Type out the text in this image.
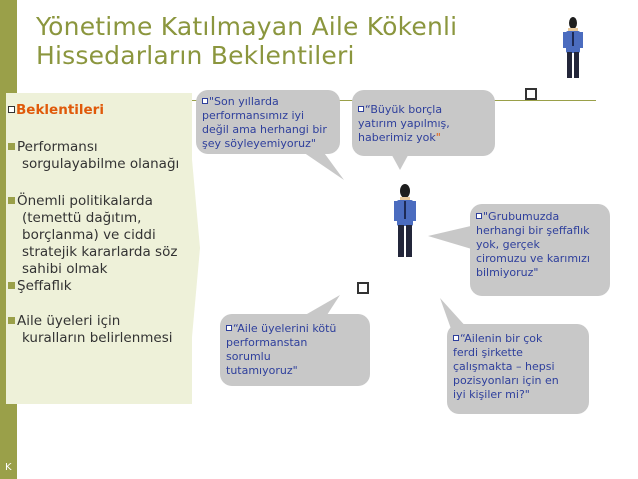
K
Yönetime Katılmayan Aile Kökenli
Hissedarların Beklentileri
Beklentileri
Performansı
sorgulayabilme olanağı
Önemli politikalarda
(temettü dağıtım,
borçlanma) ve ciddi
stratejik kararlarda söz
sahibi olmak
Şeffaflık
Aile üyeleri için
kuralların belirlenmesi
"Son yıllarda
performansımız iyi
değil ama herhangi bir
şey söyleyemiyoruz"
“Büyük borçla
yatırım yapılmış,
haberimiz yok"
"Grubumuzda
herhangi bir şeffaflık
yok, gerçek
ciromuzu ve karımızı
bilmiyoruz"
“Aile üyelerini kötü
performanstan
sorumlu
tutamıyoruz"
“Ailenin bir çok
ferdi şirkette
çalışmakta – hepsi
pozisyonları için en
iyi kişiler mi?"
